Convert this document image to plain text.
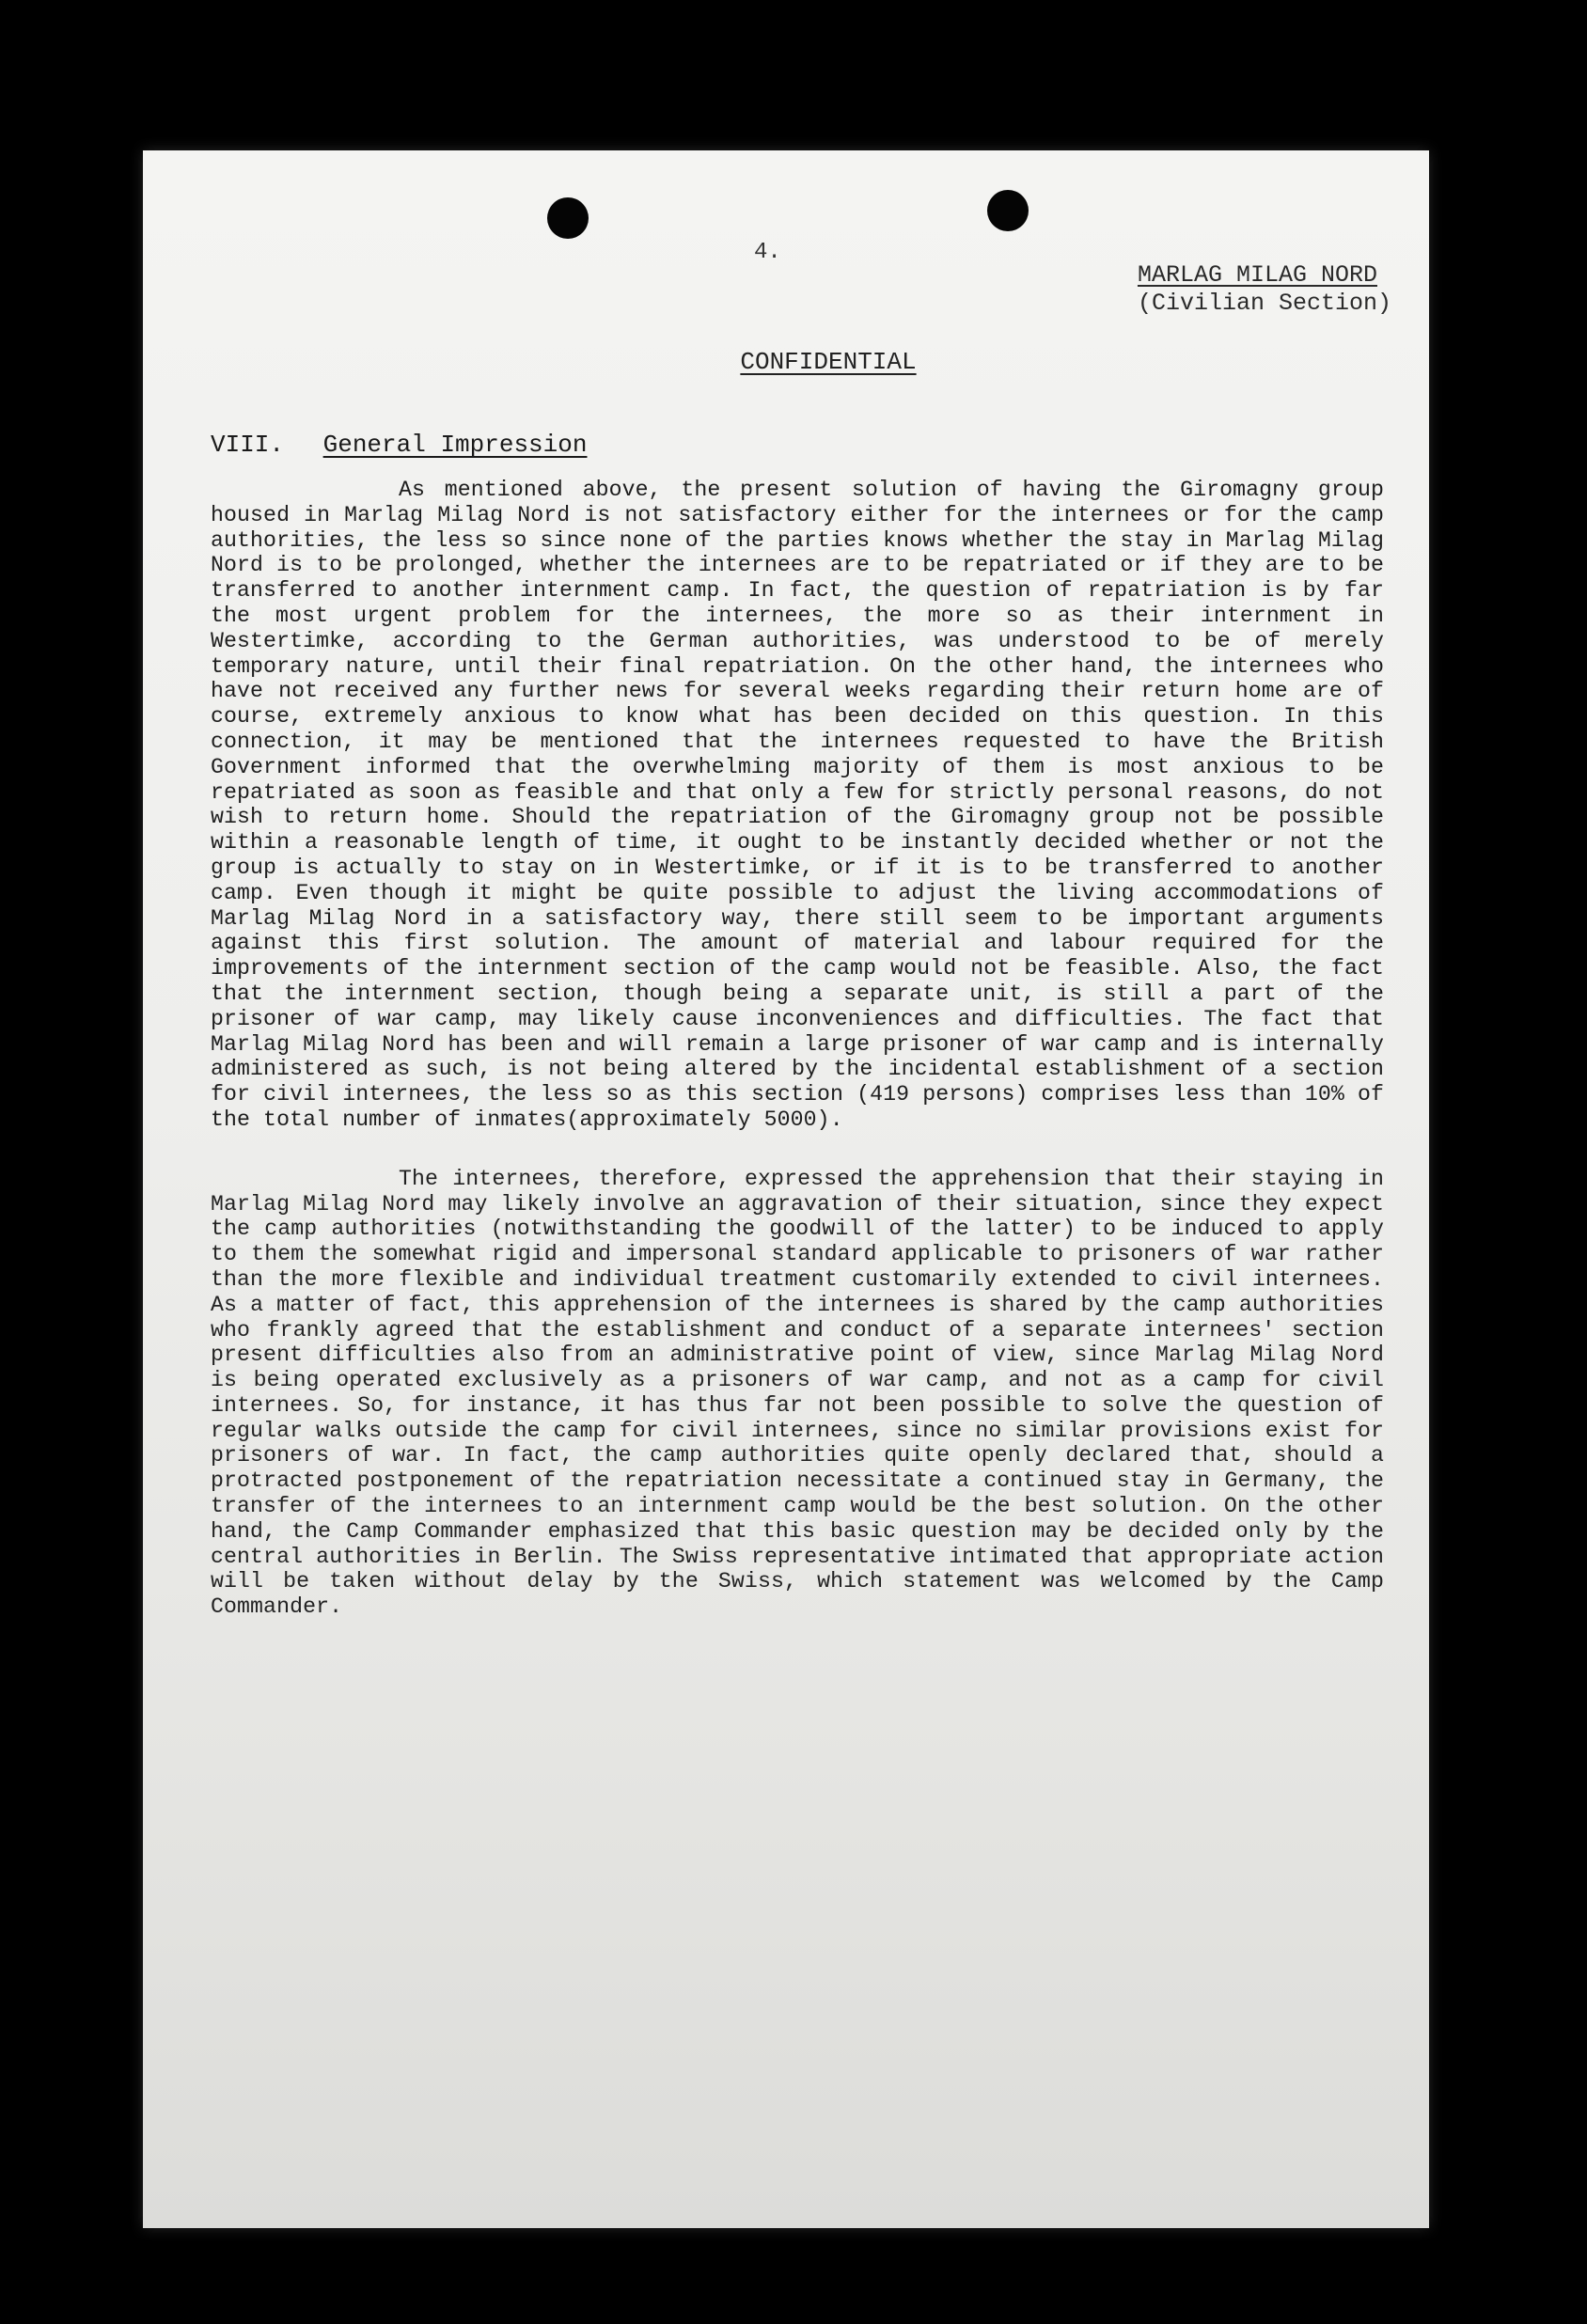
4.
MARLAG MILAG NORD
(Civilian Section)
CONFIDENTIAL
VIII. General Impression

As mentioned above, the present solution of having the Giromagny group housed in Marlag Milag Nord is not satisfactory either for the internees or for the camp authorities, the less so since none of the parties knows whether the stay in Marlag Milag Nord is to be prolonged, whether the internees are to be repatriated or if they are to be transferred to another internment camp. In fact, the question of repatriation is by far the most urgent problem for the internees, the more so as their internment in Westertimke, according to the German authorities, was understood to be of merely temporary nature, until their final repatriation. On the other hand, the internees who have not received any further news for several weeks regarding their return home are of course, extremely anxious to know what has been decided on this question. In this connection, it may be mentioned that the internees requested to have the British Government informed that the overwhelming majority of them is most anxious to be repatriated as soon as feasible and that only a few for strictly personal reasons, do not wish to return home. Should the repatriation of the Giromagny group not be possible within a reasonable length of time, it ought to be instantly decided whether or not the group is actually to stay on in Westertimke, or if it is to be transferred to another camp. Even though it might be quite possible to adjust the living accommodations of Marlag Milag Nord in a satisfactory way, there still seem to be important arguments against this first solution. The amount of material and labour required for the improvements of the internment section of the camp would not be feasible. Also, the fact that the internment section, though being a separate unit, is still a part of the prisoner of war camp, may likely cause inconveniences and difficulties. The fact that Marlag Milag Nord has been and will remain a large prisoner of war camp and is internally administered as such, is not being altered by the incidental establishment of a section for civil internees, the less so as this section (419 persons) comprises less than 10% of the total number of inmates(approximately 5000).

The internees, therefore, expressed the apprehension that their staying in Marlag Milag Nord may likely involve an aggravation of their situation, since they expect the camp authorities (notwithstanding the goodwill of the latter) to be induced to apply to them the somewhat rigid and impersonal standard applicable to prisoners of war rather than the more flexible and individual treatment customarily extended to civil internees. As a matter of fact, this apprehension of the internees is shared by the camp authorities who frankly agreed that the establishment and conduct of a separate internees' section present difficulties also from an administrative point of view, since Marlag Milag Nord is being operated exclusively as a prisoners of war camp, and not as a camp for civil internees. So, for instance, it has thus far not been possible to solve the question of regular walks outside the camp for civil internees, since no similar provisions exist for prisoners of war. In fact, the camp authorities quite openly declared that, should a protracted postponement of the repatriation necessitate a continued stay in Germany, the transfer of the internees to an internment camp would be the best solution. On the other hand, the Camp Commander emphasized that this basic question may be decided only by the central authorities in Berlin. The Swiss representative intimated that appropriate action will be taken without delay by the Swiss, which statement was welcomed by the Camp Commander.
